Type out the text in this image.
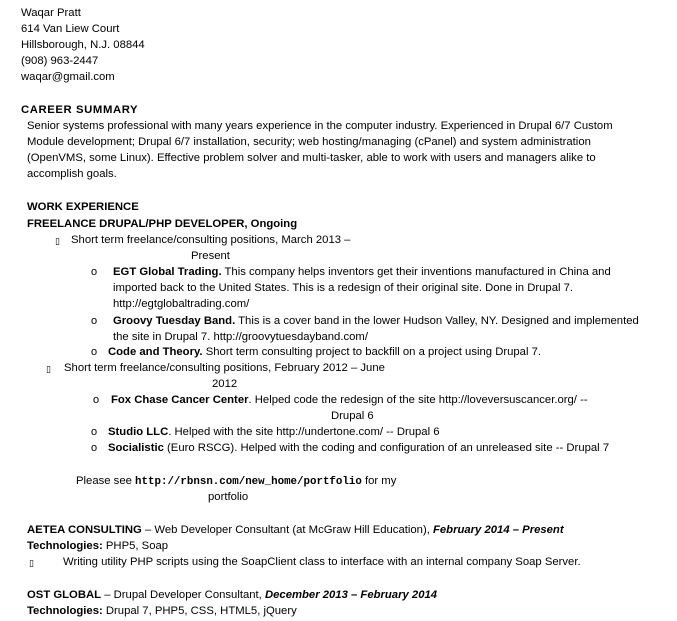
Waqar Pratt
614 Van Liew Court
Hillsborough, N.J. 08844
(908) 963-2447
waqar@gmail.com
CAREER SUMMARY
Senior systems professional with many years experience in the computer industry. Experienced in Drupal 6/7 Custom
Module development; Drupal 6/7 installation, security; web hosting/managing (cPanel) and system administration
(OpenVMS, some Linux). Effective problem solver and multi-tasker, able to work with users and managers alike to
accomplish goals.
WORK EXPERIENCE
FREELANCE DRUPAL/PHP DEVELOPER, Ongoing
▯ Short term freelance/consulting positions, March 2013 –
Present
o EGT Global Trading. This company helps inventors get their inventions manufactured in China and
imported back to the United States. This is a redesign of their original site. Done in Drupal 7.
http://egtglobaltrading.com/
o Groovy Tuesday Band. This is a cover band in the lower Hudson Valley, NY. Designed and implemented
the site in Drupal 7. http://groovytuesdayband.com/
o Code and Theory. Short term consulting project to backfill on a project using Drupal 7.
▯ Short term freelance/consulting positions, February 2012 – June
2012
o Fox Chase Cancer Center. Helped code the redesign of the site http://loveversuscancer.org/ --
Drupal 6
o Studio LLC. Helped with the site http://undertone.com/ -- Drupal 6
o Socialistic (Euro RSCG). Helped with the coding and configuration of an unreleased site -- Drupal 7
Please see http://rbnsn.com/new_home/portfolio for my
portfolio
AETEA CONSULTING – Web Developer Consultant (at McGraw Hill Education), February 2014 – Present
Technologies: PHP5, Soap
▯	Writing utility PHP scripts using the SoapClient class to interface with an internal company Soap Server.
OST GLOBAL – Drupal Developer Consultant, December 2013 – February 2014
Technologies: Drupal 7, PHP5, CSS, HTML5, jQuery
